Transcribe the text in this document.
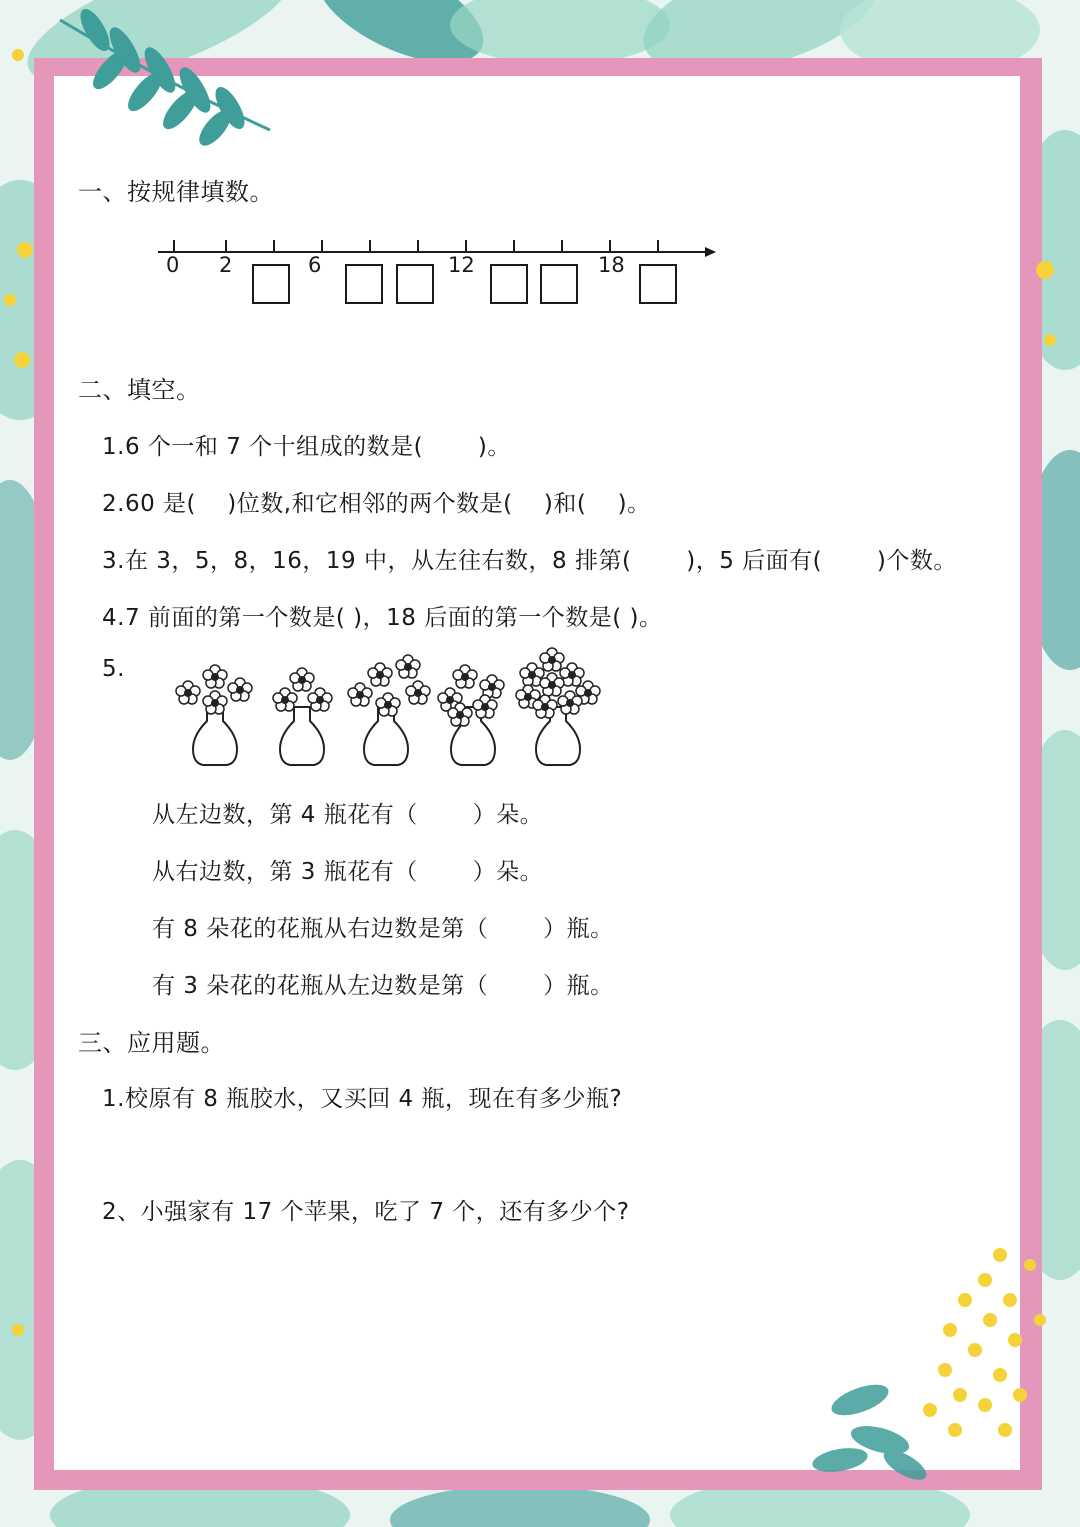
一、按规律填数。
0 2	6	12	18
二、填空。
1.6 个一和 7 个十组成的数是(　　 )。
2.60 是(　 )位数,和它相邻的两个数是(　 )和(　 )。
3.在 3，5，8，16，19 中，从左往右数，8 排第(　 　)，5 后面有(　 　)个数。
4.7 前面的第一个数是( )，18 后面的第一个数是( )。
5.
从左边数，第 4 瓶花有（　　 ）朵。
从右边数，第 3 瓶花有（　　 ）朵。
有 8 朵花的花瓶从右边数是第（　　 ）瓶。
有 3 朵花的花瓶从左边数是第（　　 ）瓶。
三、应用题。
1.校原有 8 瓶胶水，又买回 4 瓶，现在有多少瓶?
2、小强家有 17 个苹果，吃了 7 个，还有多少个?
